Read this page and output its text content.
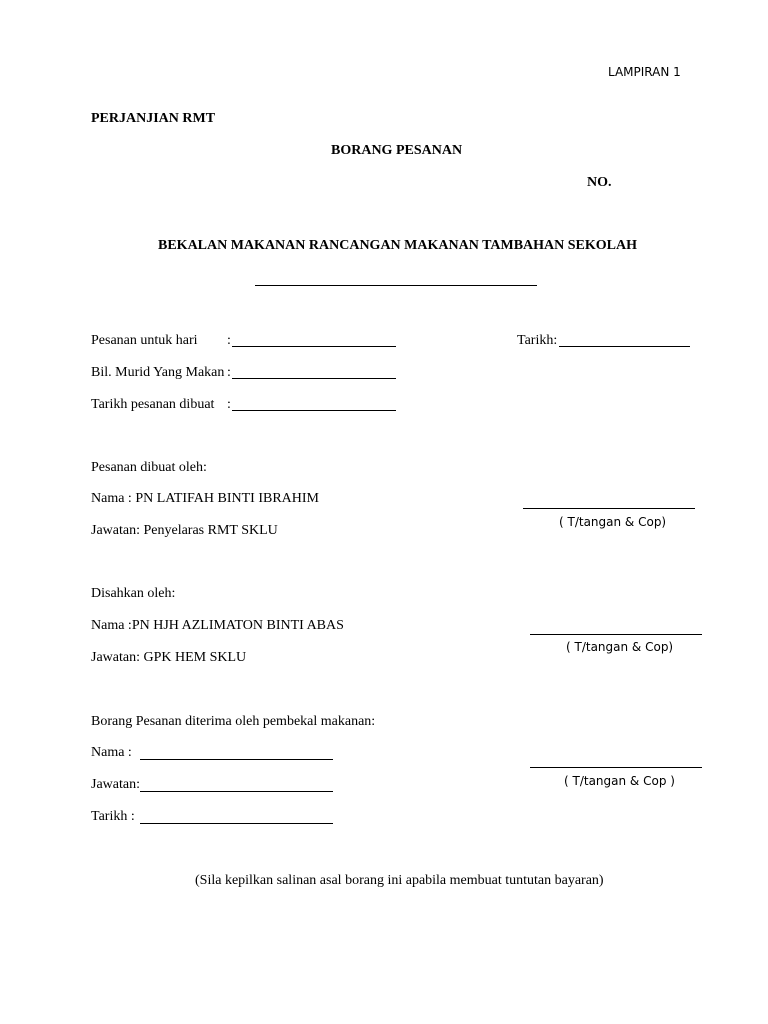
LAMPIRAN 1
PERJANJIAN RMT
BORANG PESANAN
NO.
BEKALAN MAKANAN RANCANGAN MAKANAN TAMBAHAN SEKOLAH
Pesanan untuk hari :	Tarikh:
Bil. Murid Yang Makan :
Tarikh pesanan dibuat :
Pesanan dibuat oleh:
Nama : PN LATIFAH BINTI IBRAHIM
Jawatan: Penyelaras RMT SKLU
( T/tangan & Cop)
Disahkan oleh:
Nama :PN HJH AZLIMATON BINTI ABAS
Jawatan: GPK HEM SKLU
( T/tangan & Cop)
Borang Pesanan diterima oleh pembekal makanan:
Nama :
Jawatan:
Tarikh :
( T/tangan & Cop )
(Sila kepilkan salinan asal borang ini apabila membuat tuntutan bayaran)
